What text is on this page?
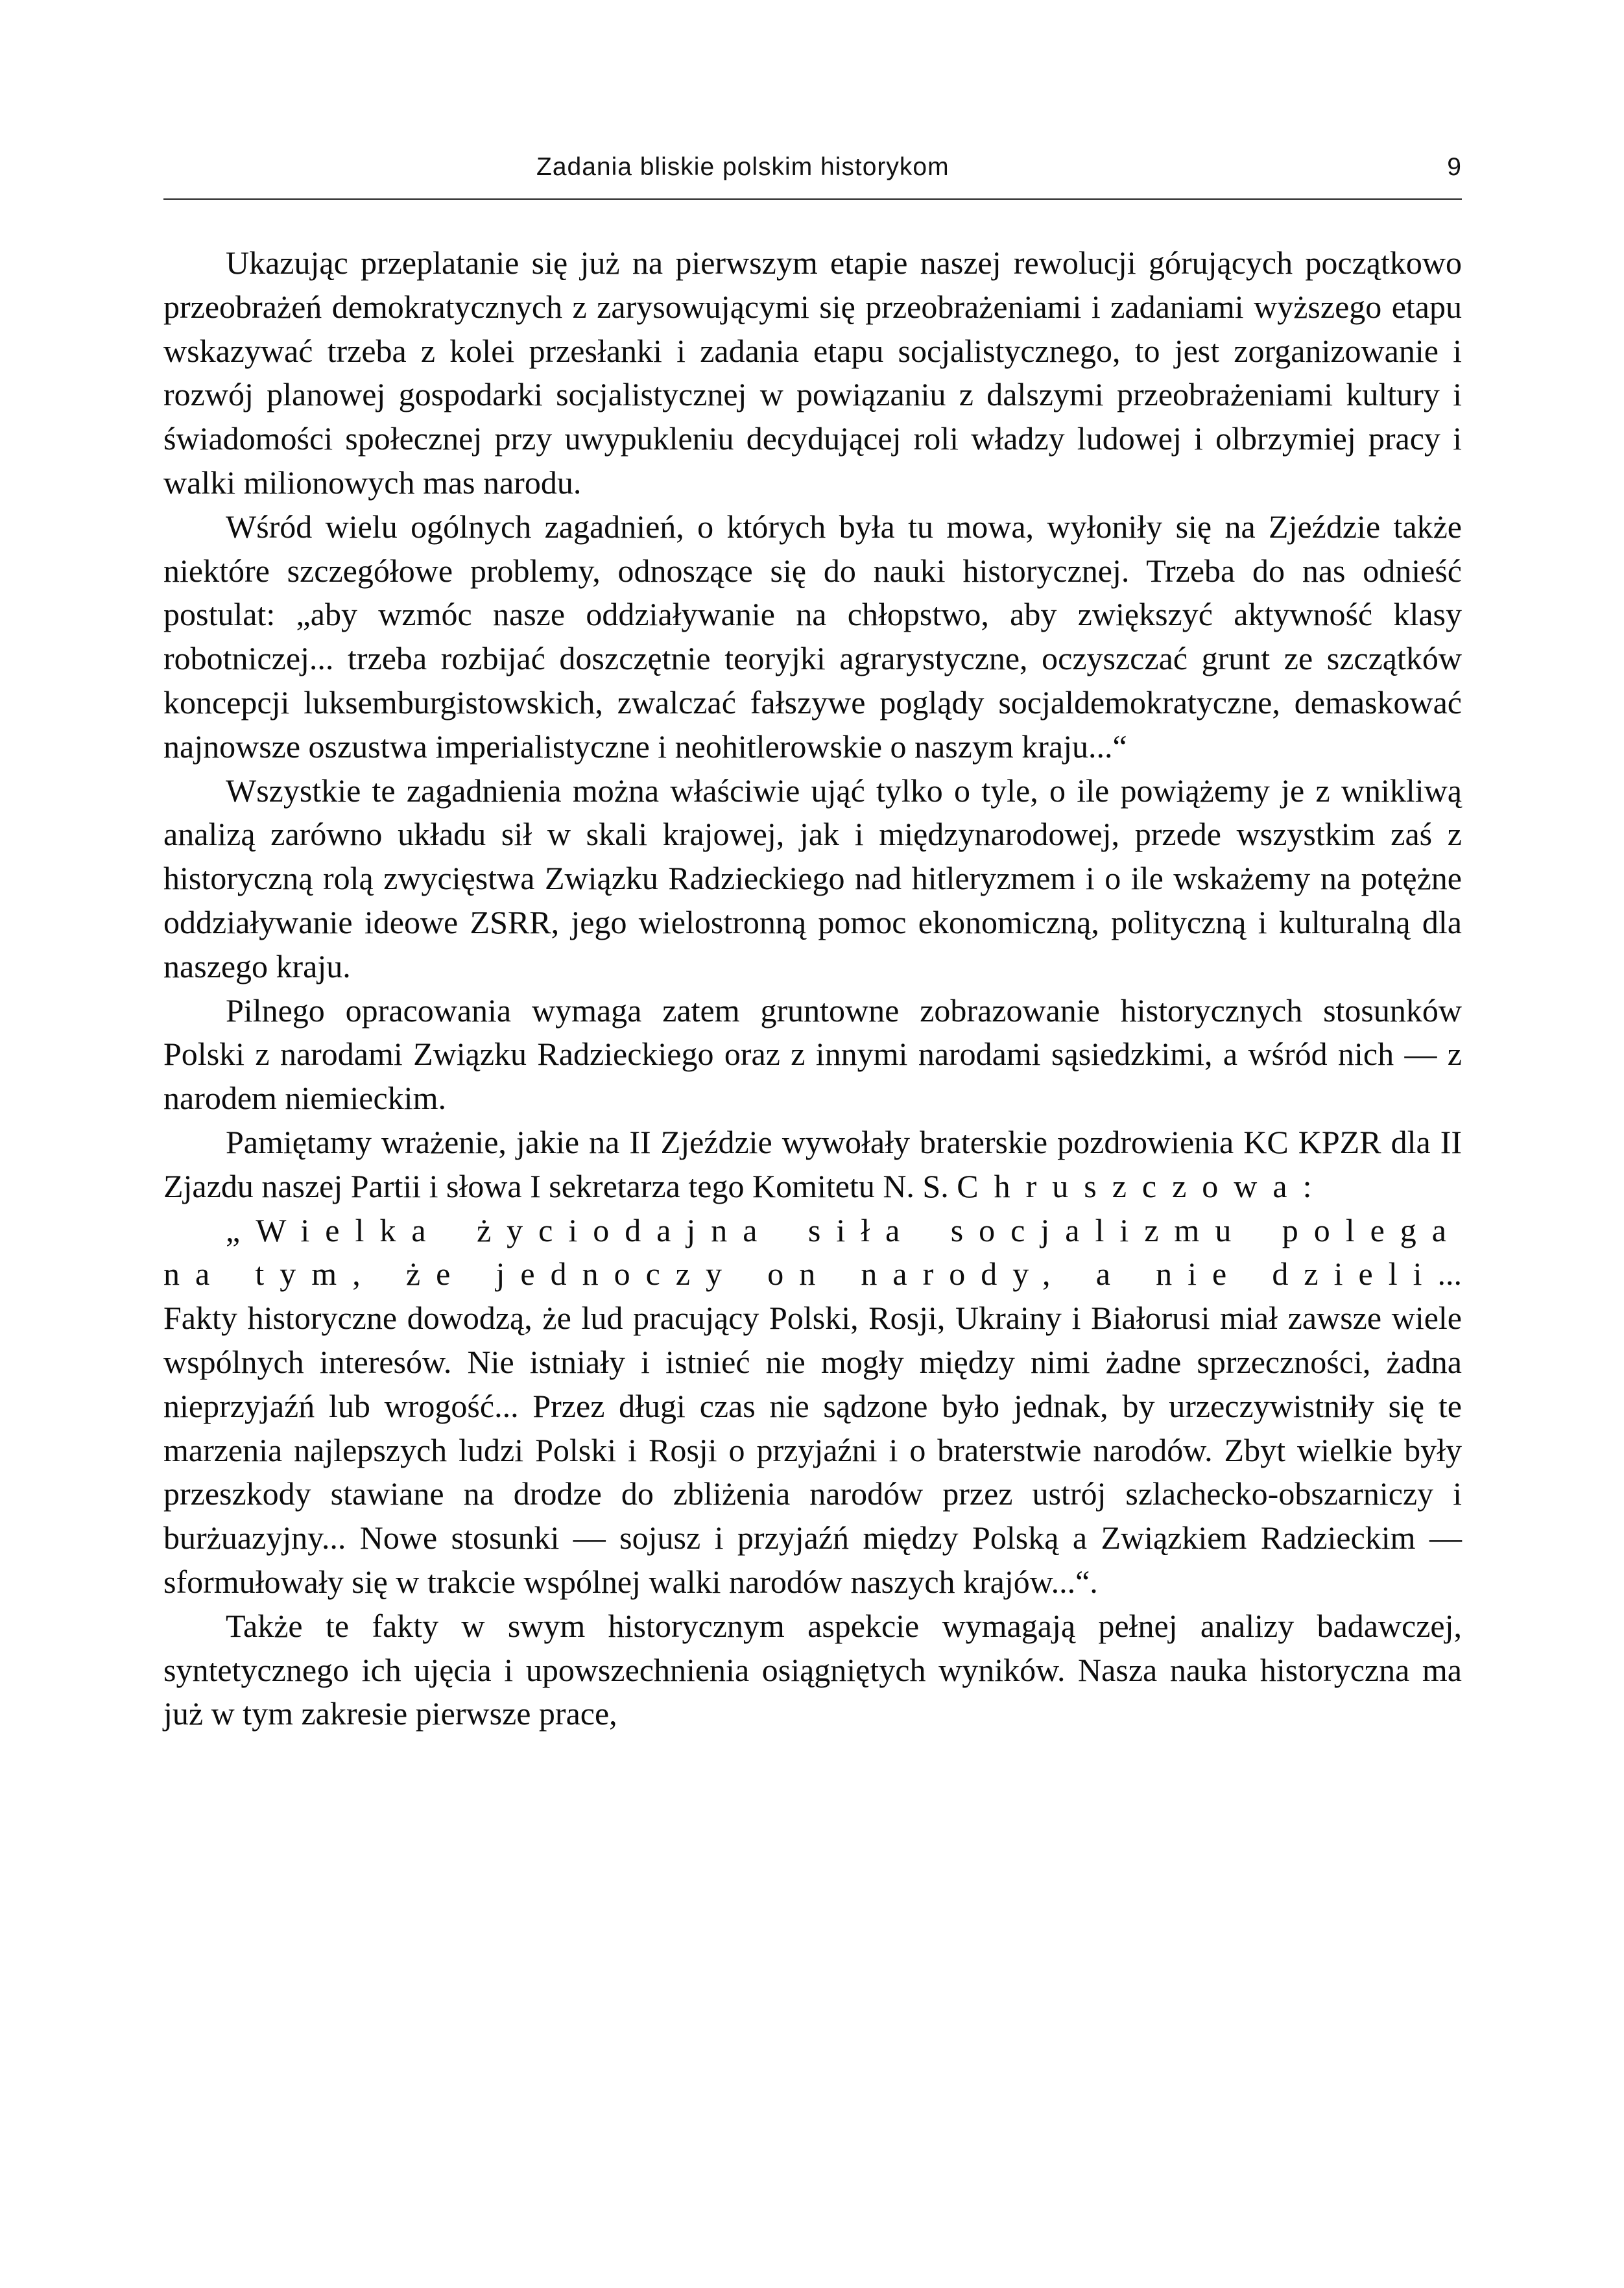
Zadania bliskie polskim historykom	9

Ukazując przeplatanie się już na pierwszym etapie naszej rewolucji górujących początkowo przeobrażeń demokratycznych z zarysowującymi się przeobrażeniami i zadaniami wyższego etapu wskazywać trzeba z kolei przesłanki i zadania etapu socjalistycznego, to jest zorganizowanie i rozwój planowej gospodarki socjalistycznej w powiązaniu z dalszymi przeobrażeniami kultury i świadomości społecznej przy uwypukleniu decydującej roli władzy ludowej i olbrzymiej pracy i walki milionowych mas narodu.

Wśród wielu ogólnych zagadnień, o których była tu mowa, wyłoniły się na Zjeździe także niektóre szczegółowe problemy, odnoszące się do nauki historycznej. Trzeba do nas odnieść postulat: „aby wzmóc nasze oddziaływanie na chłopstwo, aby zwiększyć aktywność klasy robotniczej... trzeba rozbijać doszczętnie teoryjki agrarystyczne, oczyszczać grunt ze szczątków koncepcji luksemburgistowskich, zwalczać fałszywe poglądy socjaldemokratyczne, demaskować najnowsze oszustwa imperialistyczne i neohitlerowskie o naszym kraju...“

Wszystkie te zagadnienia można właściwie ująć tylko o tyle, o ile powiążemy je z wnikliwą analizą zarówno układu sił w skali krajowej, jak i międzynarodowej, przede wszystkim zaś z historyczną rolą zwycięstwa Związku Radzieckiego nad hitleryzmem i o ile wskażemy na potężne oddziaływanie ideowe ZSRR, jego wielostronną pomoc ekonomiczną, polityczną i kulturalną dla naszego kraju.

Pilnego opracowania wymaga zatem gruntowne zobrazowanie historycznych stosunków Polski z narodami Związku Radzieckiego oraz z innymi narodami sąsiedzkimi, a wśród nich — z narodem niemieckim.

Pamiętamy wrażenie, jakie na II Zjeździe wywołały braterskie pozdrowienia KC KPZR dla II Zjazdu naszej Partii i słowa I sekretarza tego Komitetu N. S. Chruszczowa:

„Wielka życiodajna siła socjalizmu polega na tym, że jednoczy on narody, a nie dzieli... Fakty historyczne dowodzą, że lud pracujący Polski, Rosji, Ukrainy i Białorusi miał zawsze wiele wspólnych interesów. Nie istniały i istnieć nie mogły między nimi żadne sprzeczności, żadna nieprzyjaźń lub wrogość... Przez długi czas nie sądzone było jednak, by urzeczywistniły się te marzenia najlepszych ludzi Polski i Rosji o przyjaźni i o braterstwie narodów. Zbyt wielkie były przeszkody stawiane na drodze do zbliżenia narodów przez ustrój szlachecko-obszarniczy i burżuazyjny... Nowe stosunki — sojusz i przyjaźń między Polską a Związkiem Radzieckim — sformułowały się w trakcie wspólnej walki narodów naszych krajów...“.

Także te fakty w swym historycznym aspekcie wymagają pełnej analizy badawczej, syntetycznego ich ujęcia i upowszechnienia osiągniętych wyników. Nasza nauka historyczna ma już w tym zakresie pierwsze prace,
